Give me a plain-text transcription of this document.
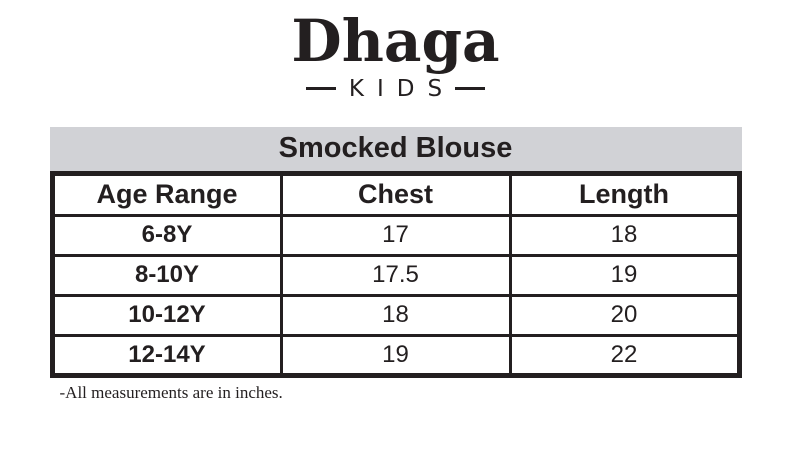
Dhaga
KIDS
Smocked Blouse
Age Range	Chest	Length
6-8Y	17	18
8-10Y	17.5	19
10-12Y	18	20
12-14Y	19	22
-All measurements are in inches.
